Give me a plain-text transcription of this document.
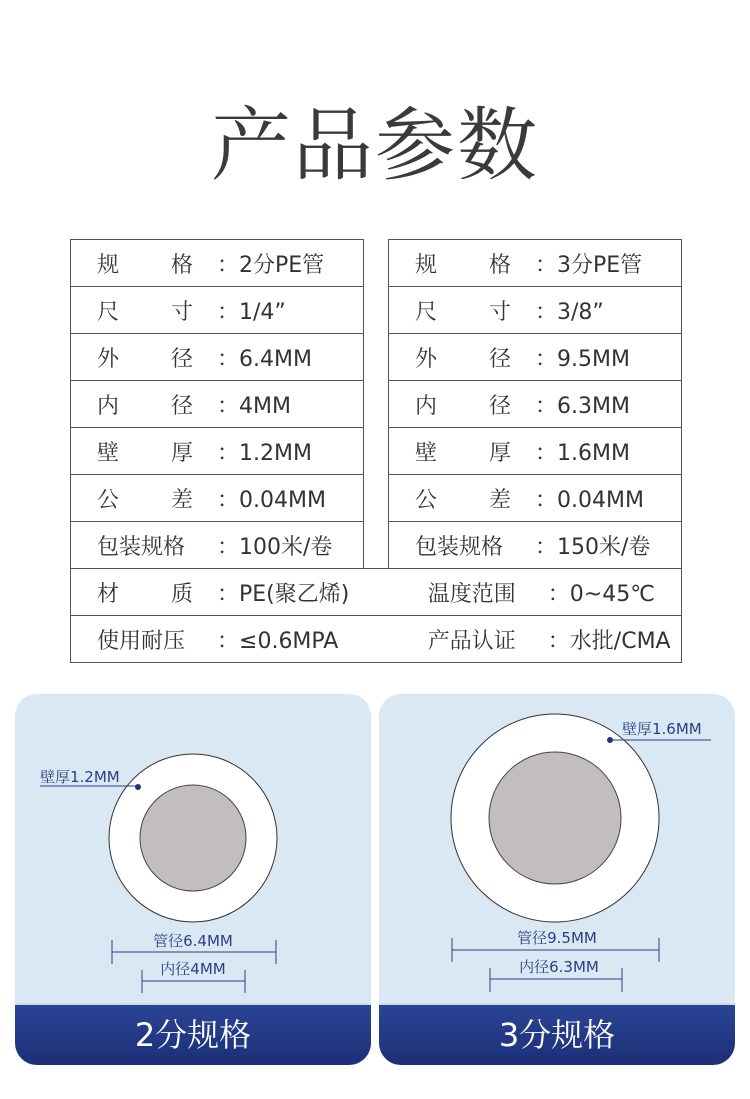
产品参数
规 格 ：2分PE管
尺 寸 ：1/4”
外 径 ：6.4MM
内 径 ：4MM
壁 厚 ：1.2MM
公 差 ：0.04MM
包装规格 ：100米/卷
规 格 ：3分PE管
尺 寸 ：3/8”
外 径 ：9.5MM
内 径 ：6.3MM
壁 厚 ：1.6MM
公 差 ：0.04MM
包装规格 ：150米/卷
材 质 ：PE(聚乙烯)	温度范围 ：0~45℃
使用耐压 ：≤0.6MPA	产品认证 ：水批/CMA
壁厚1.2MM
管径6.4MM
内径4MM
2分规格
壁厚1.6MM
管径9.5MM
内径6.3MM
3分规格
